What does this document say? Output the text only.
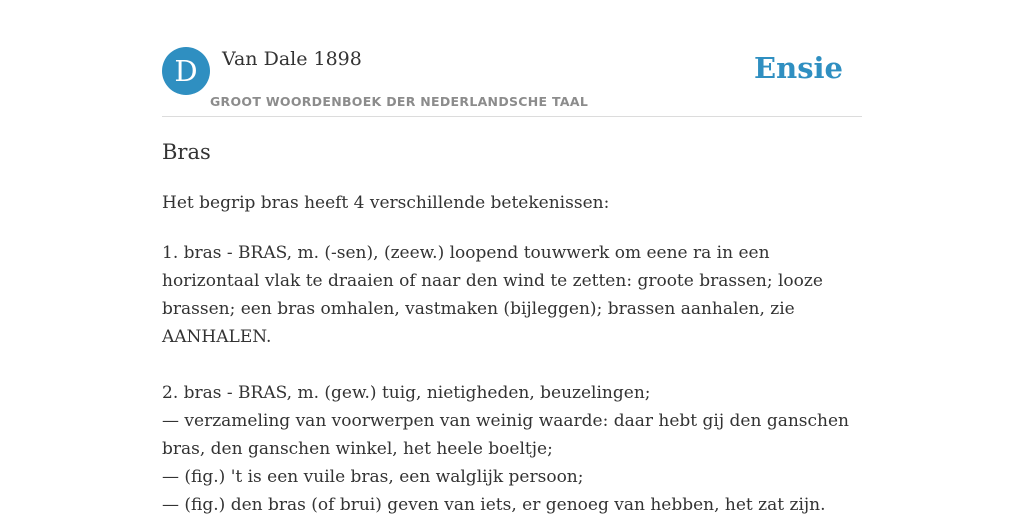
D	Van Dale 1898
GROOT WOORDENBOEK DER NEDERLANDSCHE TAAL
Ensie
Bras
Het begrip bras heeft 4 verschillende betekenissen:
1. bras - BRAS, m. (-sen), (zeew.) loopend touwwerk om eene ra in een
horizontaal vlak te draaien of naar den wind te zetten: groote brassen; looze
brassen; een bras omhalen, vastmaken (bijleggen); brassen aanhalen, zie
AANHALEN.
2. bras - BRAS, m. (gew.) tuig, nietigheden, beuzelingen;
— verzameling van voorwerpen van weinig waarde: daar hebt gij den ganschen
bras, den ganschen winkel, het heele boeltje;
— (fig.) 't is een vuile bras, een walglijk persoon;
— (fig.) den bras (of brui) geven van iets, er genoeg van hebben, het zat zijn.
